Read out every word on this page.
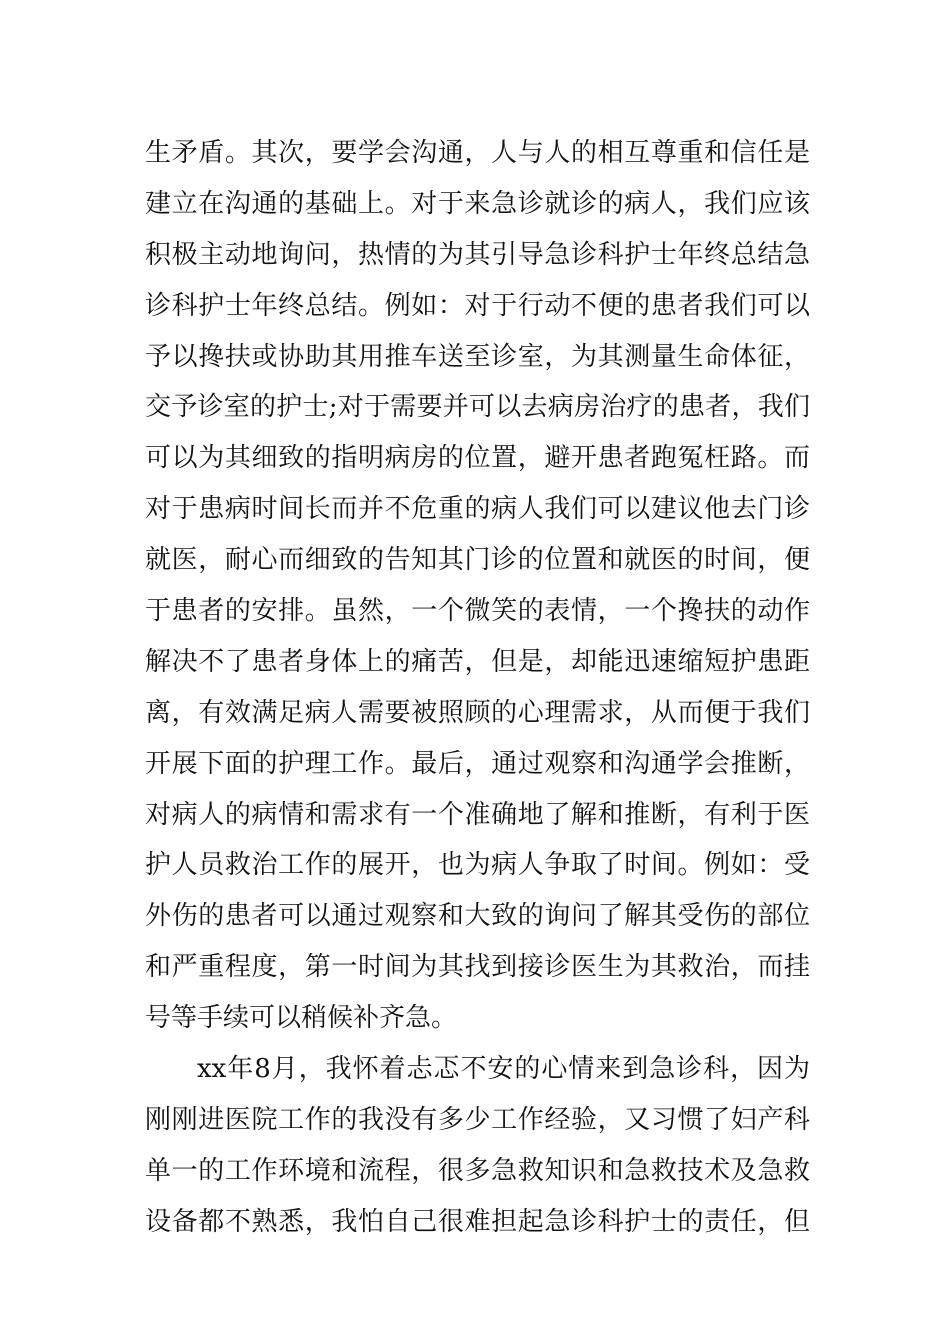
生矛盾。其次，要学会沟通，人与人的相互尊重和信任是
建立在沟通的基础上。对于来急诊就诊的病人，我们应该
积极主动地询问，热情的为其引导急诊科护士年终总结急
诊科护士年终总结。例如：对于行动不便的患者我们可以
予以搀扶或协助其用推车送至诊室，为其测量生命体征，
交予诊室的护士;对于需要并可以去病房治疗的患者，我们
可以为其细致的指明病房的位置，避开患者跑冤枉路。而
对于患病时间长而并不危重的病人我们可以建议他去门诊
就医，耐心而细致的告知其门诊的位置和就医的时间，便
于患者的安排。虽然，一个微笑的表情，一个搀扶的动作
解决不了患者身体上的痛苦，但是，却能迅速缩短护患距
离，有效满足病人需要被照顾的心理需求，从而便于我们
开展下面的护理工作。最后，通过观察和沟通学会推断，
对病人的病情和需求有一个准确地了解和推断，有利于医
护人员救治工作的展开，也为病人争取了时间。例如：受
外伤的患者可以通过观察和大致的询问了解其受伤的部位
和严重程度，第一时间为其找到接诊医生为其救治，而挂
号等手续可以稍候补齐急。
xx年8月，我怀着忐忑不安的心情来到急诊科，因为
刚刚进医院工作的我没有多少工作经验，又习惯了妇产科
单一的工作环境和流程，很多急救知识和急救技术及急救
设备都不熟悉，我怕自己很难担起急诊科护士的责任，但
